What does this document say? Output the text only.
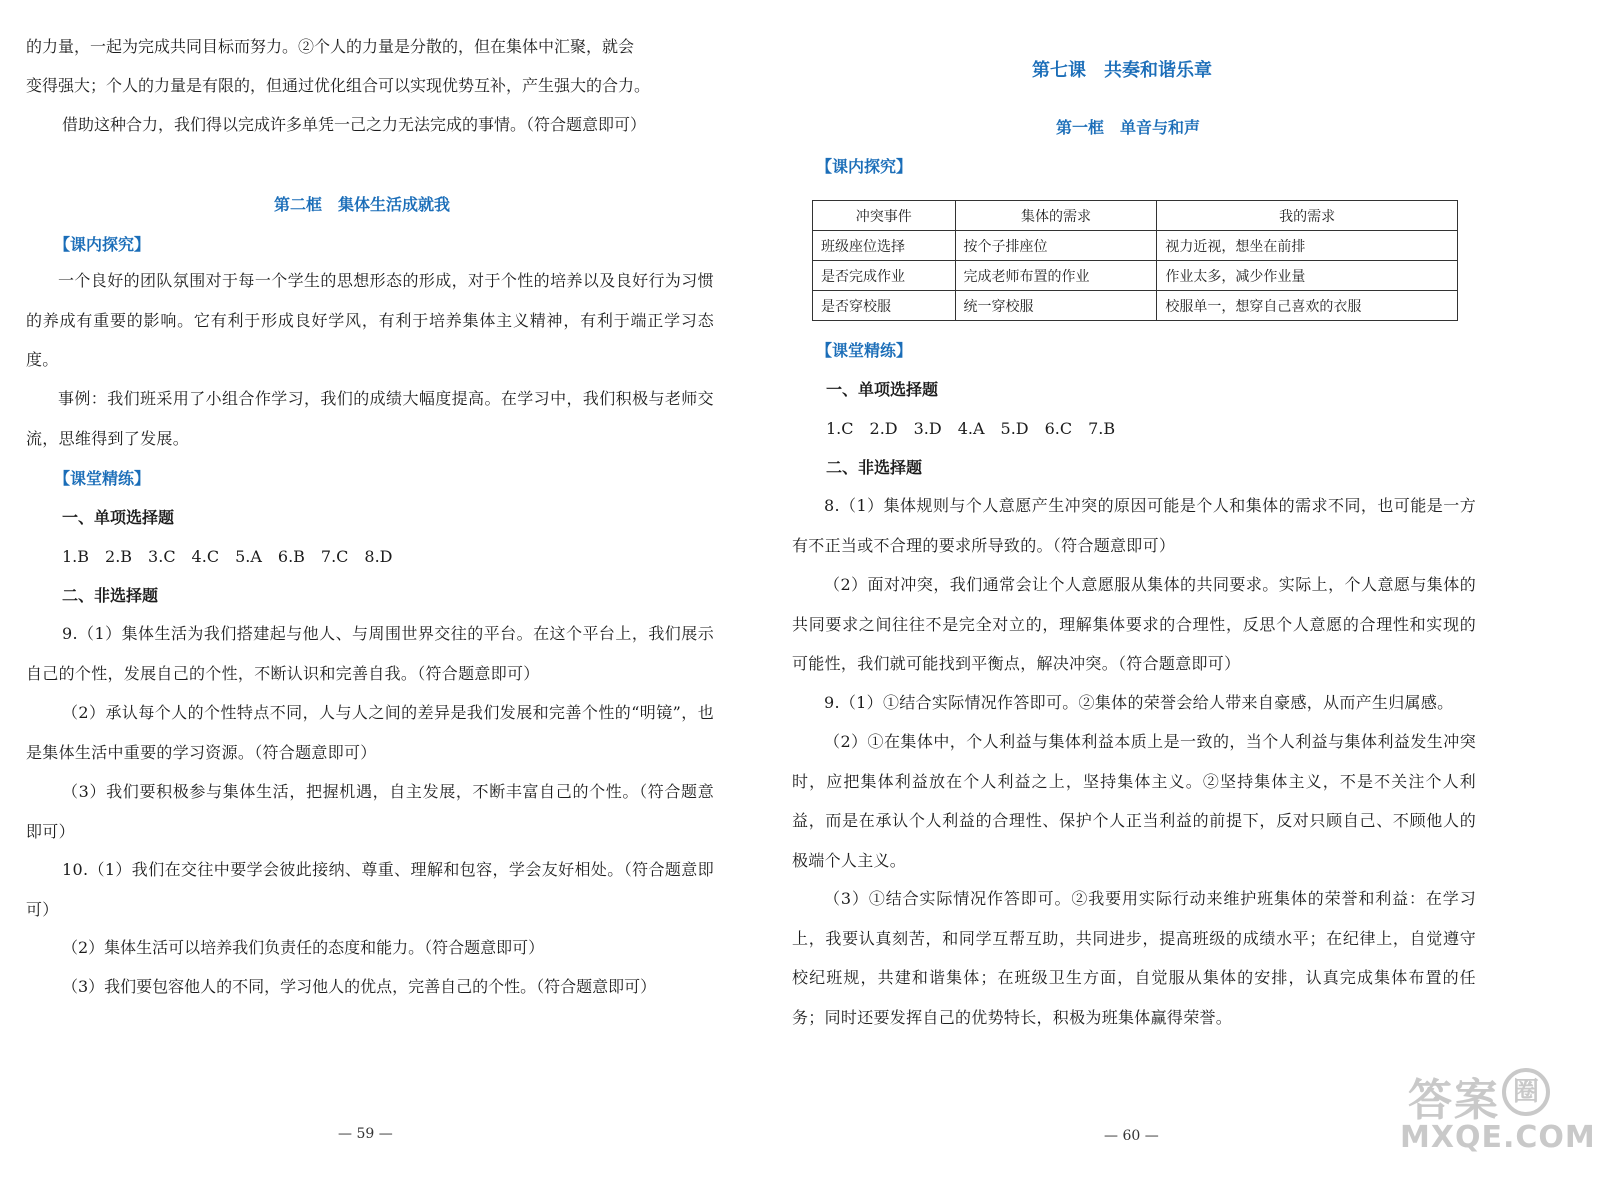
的力量，一起为完成共同目标而努力。②个人的力量是分散的，但在集体中汇聚，就会
变得强大；个人的力量是有限的，但通过优化组合可以实现优势互补，产生强大的合力。
借助这种合力，我们得以完成许多单凭一己之力无法完成的事情。（符合题意即可）
第二框　集体生活成就我
【课内探究】

一个良好的团队氛围对于每一个学生的思想形态的形成，对于个性的培养以及良好行为习惯的养成有重要的影响。它有利于形成良好学风，有利于培养集体主义精神，有利于端正学习态度。

事例：我们班采用了小组合作学习，我们的成绩大幅度提高。在学习中，我们积极与老师交流，思维得到了发展。

【课堂精练】
一、单项选择题
1.B　2.B　3.C　4.C　5.A　6.B　7.C　8.D
二、非选择题

9.（1）集体生活为我们搭建起与他人、与周围世界交往的平台。在这个平台上，我们展示自己的个性，发展自己的个性，不断认识和完善自我。（符合题意即可）

（2）承认每个人的个性特点不同，人与人之间的差异是我们发展和完善个性的“明镜”，也是集体生活中重要的学习资源。（符合题意即可）

（3）我们要积极参与集体生活，把握机遇，自主发展，不断丰富自己的个性。（符合题意即可）

10.（1）我们在交往中要学会彼此接纳、尊重、理解和包容，学会友好相处。（符合题意即可）

（2）集体生活可以培养我们负责任的态度和能力。（符合题意即可）
（3）我们要包容他人的不同，学习他人的优点，完善自己的个性。（符合题意即可）
— 59 —
第七课　共奏和谐乐章
第一框　单音与和声
【课内探究】
冲突事件	集体的需求	我的需求
班级座位选择	按个子排座位	视力近视，想坐在前排
是否完成作业	完成老师布置的作业	作业太多，减少作业量
是否穿校服	统一穿校服	校服单一，想穿自己喜欢的衣服
【课堂精练】
一、单项选择题
1.C　2.D　3.D　4.A　5.D　6.C　7.B
二、非选择题

8.（1）集体规则与个人意愿产生冲突的原因可能是个人和集体的需求不同，也可能是一方有不正当或不合理的要求所导致的。（符合题意即可）

（2）面对冲突，我们通常会让个人意愿服从集体的共同要求。实际上，个人意愿与集体的共同要求之间往往不是完全对立的，理解集体要求的合理性，反思个人意愿的合理性和实现的可能性，我们就可能找到平衡点，解决冲突。（符合题意即可）

9.（1）①结合实际情况作答即可。②集体的荣誉会给人带来自豪感，从而产生归属感。

（2）①在集体中，个人利益与集体利益本质上是一致的，当个人利益与集体利益发生冲突时，应把集体利益放在个人利益之上，坚持集体主义。②坚持集体主义，不是不关注个人利益，而是在承认个人利益的合理性、保护个人正当利益的前提下，反对只顾自己、不顾他人的极端个人主义。

（3）①结合实际情况作答即可。②我要用实际行动来维护班集体的荣誉和利益：在学习上，我要认真刻苦，和同学互帮互助，共同进步，提高班级的成绩水平；在纪律上，自觉遵守校纪班规，共建和谐集体；在班级卫生方面，自觉服从集体的安排，认真完成集体布置的任务；同时还要发挥自己的优势特长，积极为班集体赢得荣誉。

— 60 —
答案 圈
MXQE.COM
